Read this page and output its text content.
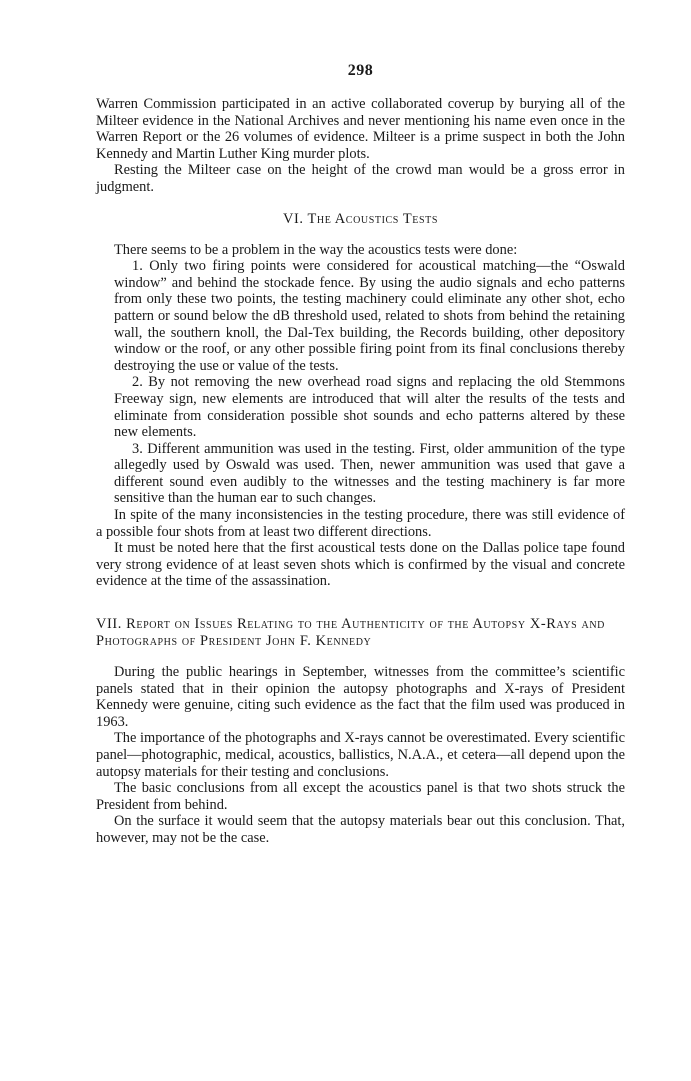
298

Warren Commission participated in an active collaborated coverup by burying all of the Milteer evidence in the National Archives and never mentioning his name even once in the Warren Report or the 26 volumes of evidence. Milteer is a prime suspect in both the John Kennedy and Martin Luther King murder plots.

Resting the Milteer case on the height of the crowd man would be a gross error in judgment.

VI. The Acoustics Tests

There seems to be a problem in the way the acoustics tests were done:

1. Only two firing points were considered for acoustical matching—the “Oswald window” and behind the stockade fence. By using the audio signals and echo patterns from only these two points, the testing machinery could eliminate any other shot, echo pattern or sound below the dB threshold used, related to shots from behind the retaining wall, the southern knoll, the Dal-Tex building, the Records building, other depository window or the roof, or any other possible firing point from its final conclusions thereby destroying the use or value of the tests.

2. By not removing the new overhead road signs and replacing the old Stemmons Freeway sign, new elements are introduced that will alter the results of the tests and eliminate from consideration possible shot sounds and echo patterns altered by these new elements.

3. Different ammunition was used in the testing. First, older ammunition of the type allegedly used by Oswald was used. Then, newer ammunition was used that gave a different sound even audibly to the witnesses and the testing machinery is far more sensitive than the human ear to such changes.

In spite of the many inconsistencies in the testing procedure, there was still evidence of a possible four shots from at least two different directions.

It must be noted here that the first acoustical tests done on the Dallas police tape found very strong evidence of at least seven shots which is confirmed by the visual and concrete evidence at the time of the assassination.

VII. Report on Issues Relating to the Authenticity of the Autopsy X-Rays and Photographs of President John F. Kennedy

During the public hearings in September, witnesses from the committee’s scientific panels stated that in their opinion the autopsy photographs and X-rays of President Kennedy were genuine, citing such evidence as the fact that the film used was produced in 1963.

The importance of the photographs and X-rays cannot be overestimated. Every scientific panel—photographic, medical, acoustics, ballistics, N.A.A., et cetera—all depend upon the autopsy materials for their testing and conclusions.

The basic conclusions from all except the acoustics panel is that two shots struck the President from behind.

On the surface it would seem that the autopsy materials bear out this conclusion. That, however, may not be the case.
